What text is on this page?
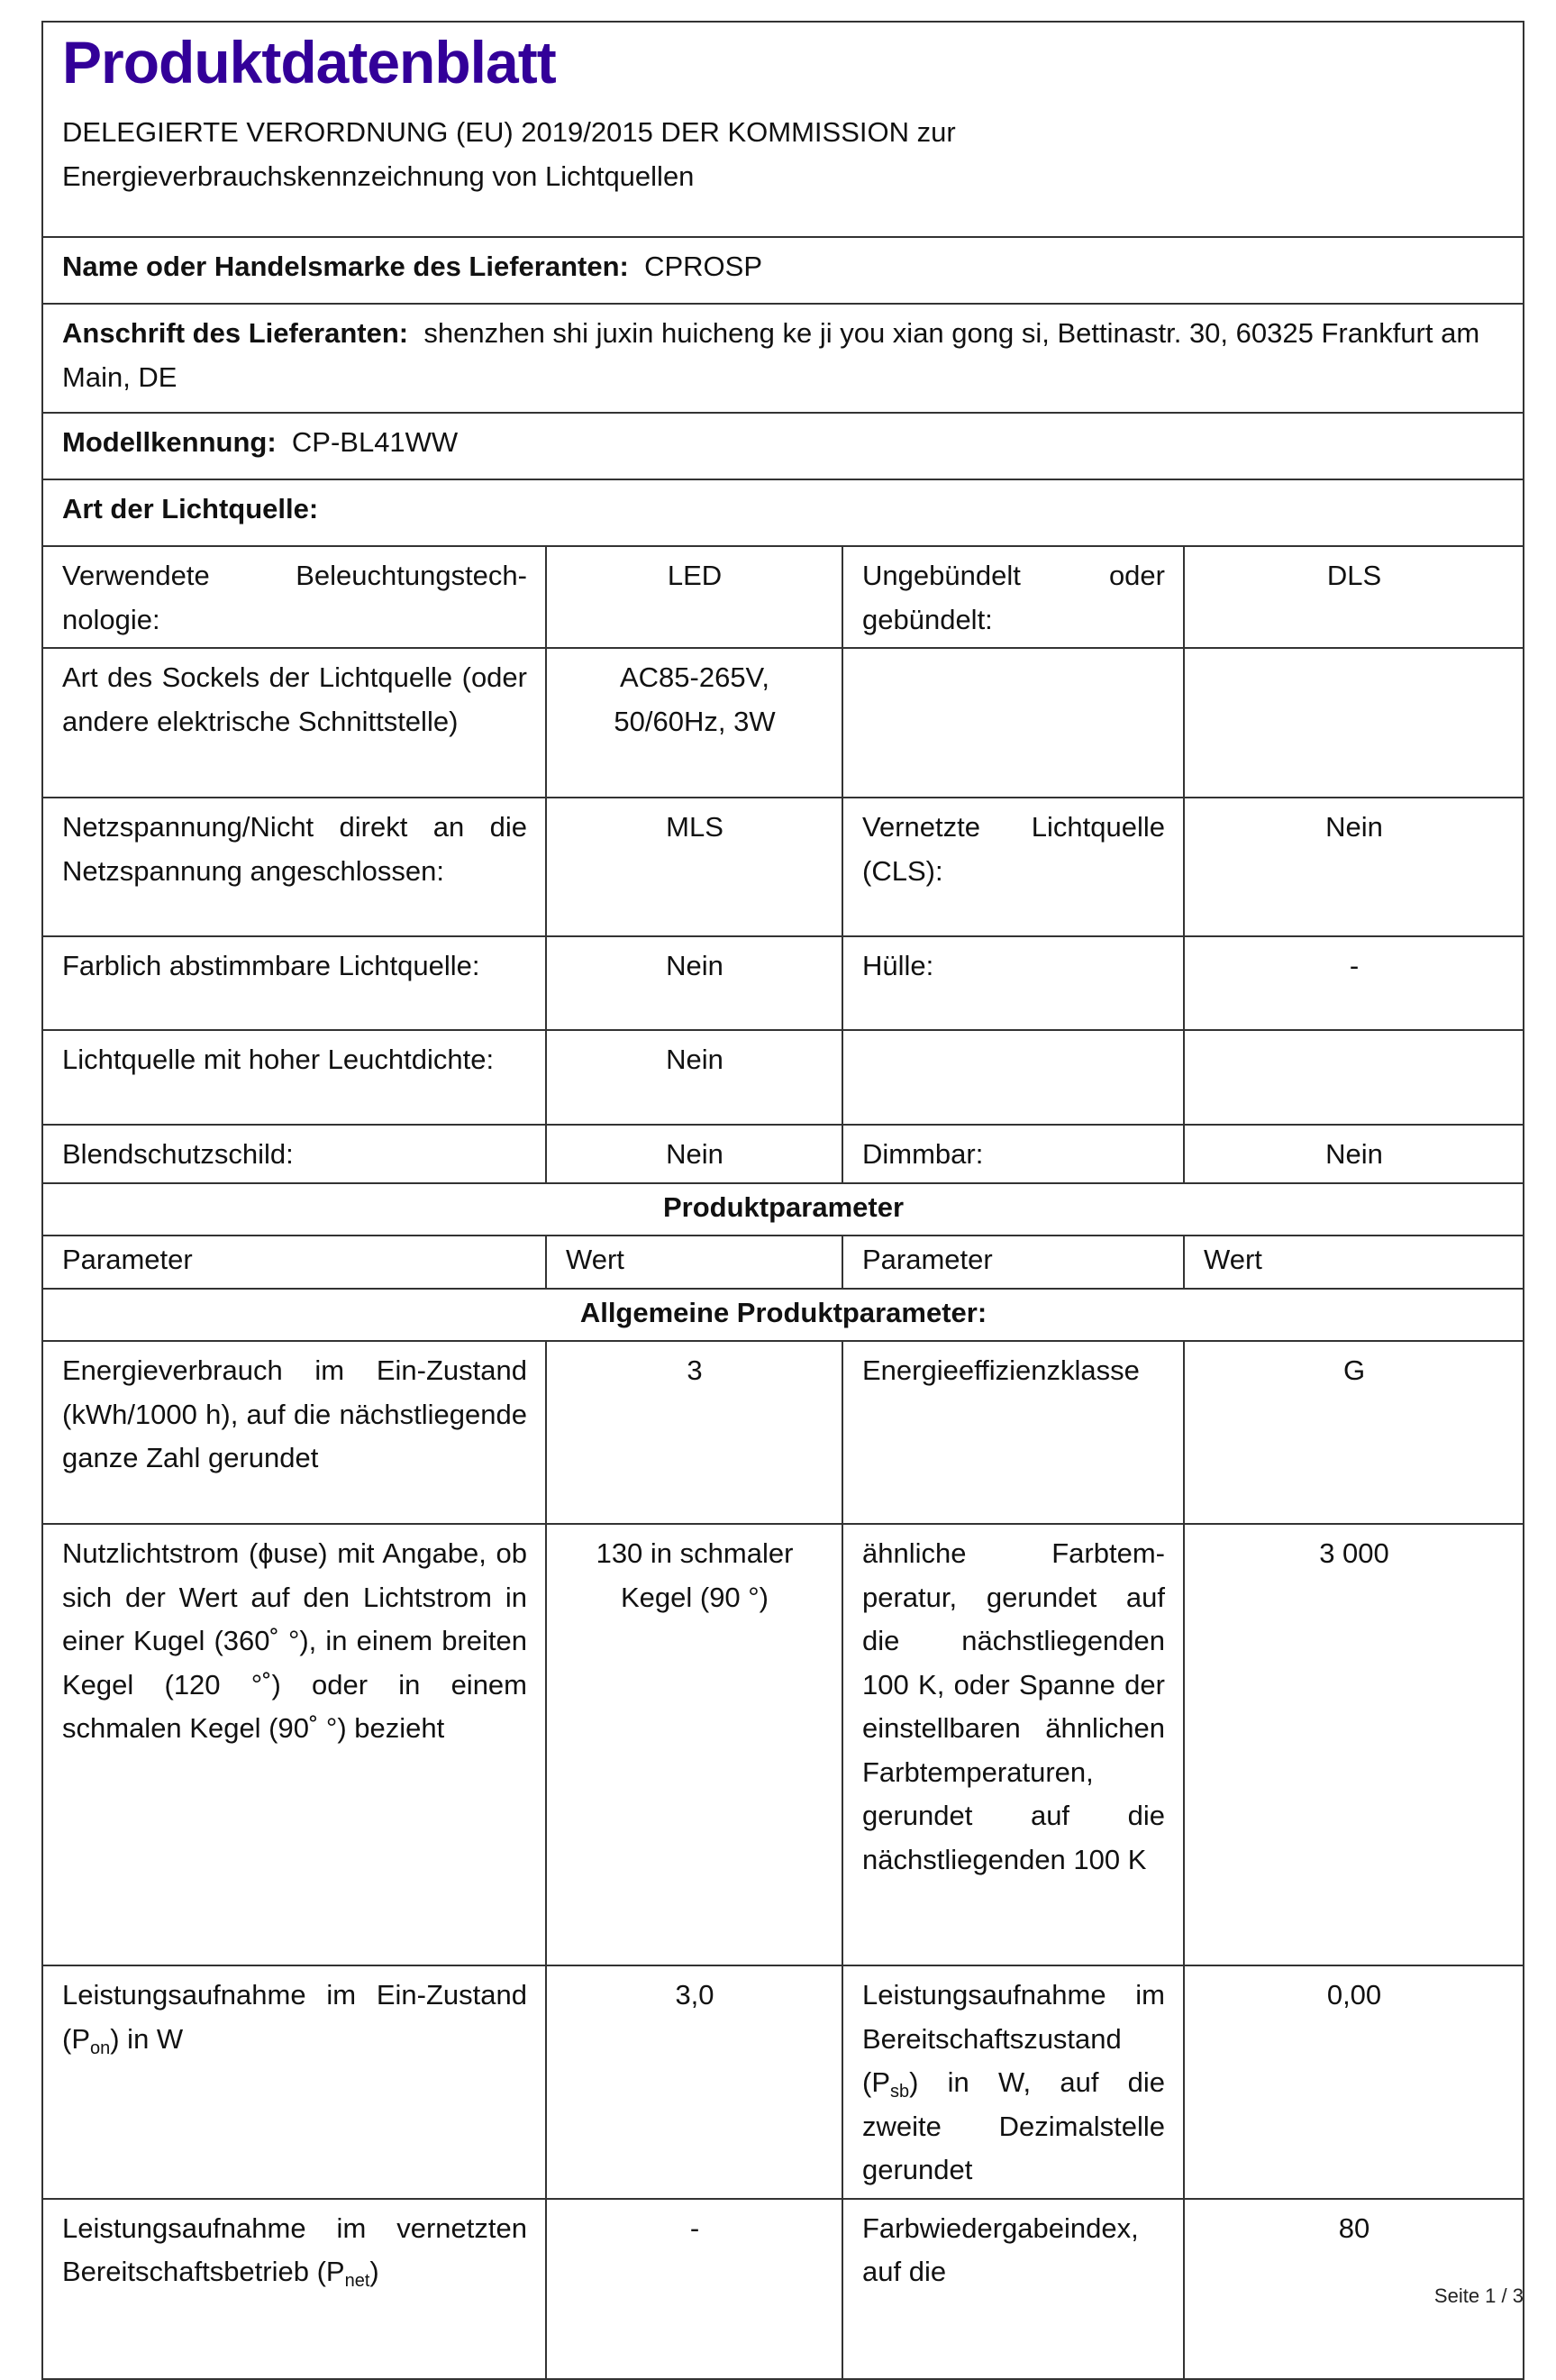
Produktdatenblatt
DELEGIERTE VERORDNUNG (EU) 2019/2015 DER KOMMISSION zur
Energieverbrauchskennzeichnung von Lichtquellen			

Name oder Handelsmarke des Lieferanten: CPROSP			
Anschrift des Lieferanten: shenzhen shi juxin huicheng ke ji you xian gong si, Bettinastr. 30, 60325 Frankfurt am Main, DE			
Modellkennung: CP-BL41WW			
Art der Lichtquelle:			
Verwendete Beleuchtungstechnologie:	LED	Ungebündelt oder gebündelt:	DLS
Art des Sockels der Lichtquelle (oder andere elektrische Schnittstelle)	AC85-265V, 50/60Hz, 3W		
Netzspannung/Nicht direkt an die Netzspannung angeschlossen:	MLS	Vernetzte Lichtquelle (CLS):	Nein
Farblich abstimmbare Lichtquelle:	Nein	Hülle:	-
Lichtquelle mit hoher Leuchtdichte:	Nein		
Blendschutzschild:	Nein	Dimmbar:	Nein
Produktparameter			
Parameter	Wert	Parameter	Wert
Allgemeine Produktparameter:			
Energieverbrauch im Ein-Zustand (kWh/1000 h), auf die nächstliegende ganze Zahl gerundet	3	Energieeffizienzklasse	G
Nutzlichtstrom (ɸuse) mit Angabe, ob sich der Wert auf den Lichtstrom in einer Kugel (360˚ °), in einem breiten Kegel (120 °˚) oder in einem schmalen Kegel (90˚ °) bezieht	130 in schmaler Kegel (90 °)	ähnliche Farbtemperatur, gerundet auf die nächstliegenden 100 K, oder Spanne der einstellbaren ähnlichen Farbtemperaturen, gerundet auf die nächstliegenden 100 K	3 000
Leistungsaufnahme im Ein-Zustand $(P_{on})$ in W	3,0	Leistungsaufnahme im Bereitschaftszustand $(P_{sb})$ in W, auf die zweite Dezimalstelle gerundet	0,00
Leistungsaufnahme im vernetzten Bereitschaftsbetrieb $(P_{net})$	-	Farbwiedergabeindex, auf die	80
Seite 1 / 3
